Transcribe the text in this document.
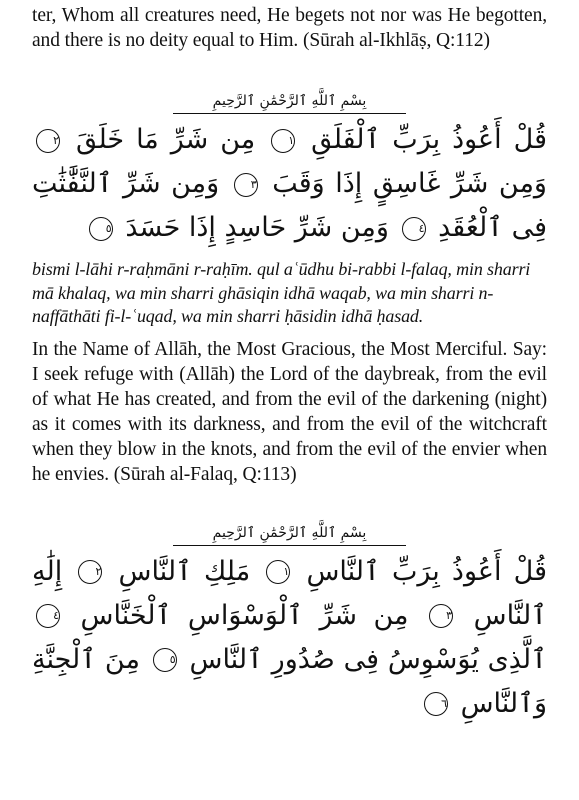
ter, Whom all creatures need, He begets not nor was He begotten, and there is no deity equal to Him. (Sūrah al-Ikhlāṣ, Q:112)

بِسْمِ ٱللَّهِ ٱلرَّحْمَٰنِ ٱلرَّحِيمِ

قُلْ أَعُوذُ بِرَبِّ ٱلْفَلَقِ ١ مِن شَرِّ مَا خَلَقَ ٢ وَمِن شَرِّ غَاسِقٍ إِذَا وَقَبَ ٣ وَمِن شَرِّ ٱلنَّفَّٰثَٰتِ فِى ٱلْعُقَدِ ٤ وَمِن شَرِّ حَاسِدٍ إِذَا حَسَدَ ٥

bismi l-lāhi r-raḥmāni r-raḥīm. qul aʿūdhu bi-rabbi l-falaq, min sharri mā khalaq, wa min sharri ghāsiqin idhā waqab, wa min sharri n-naffāthāti fi-l-ʿuqad, wa min sharri ḥāsidin idhā ḥasad.

In the Name of Allāh, the Most Gracious, the Most Merciful. Say: I seek refuge with (Allāh) the Lord of the daybreak, from the evil of what He has created, and from the evil of the darkening (night) as it comes with its darkness, and from the evil of the witchcraft when they blow in the knots, and from the evil of the envier when he envies. (Sūrah al-Falaq, Q:113)

بِسْمِ ٱللَّهِ ٱلرَّحْمَٰنِ ٱلرَّحِيمِ

قُلْ أَعُوذُ بِرَبِّ ٱلنَّاسِ ١ مَلِكِ ٱلنَّاسِ ٢ إِلَٰهِ ٱلنَّاسِ ٣ مِن شَرِّ ٱلْوَسْوَاسِ ٱلْخَنَّاسِ ٤ ٱلَّذِى يُوَسْوِسُ فِى صُدُورِ ٱلنَّاسِ ٥ مِنَ ٱلْجِنَّةِ وَٱلنَّاسِ ٦
